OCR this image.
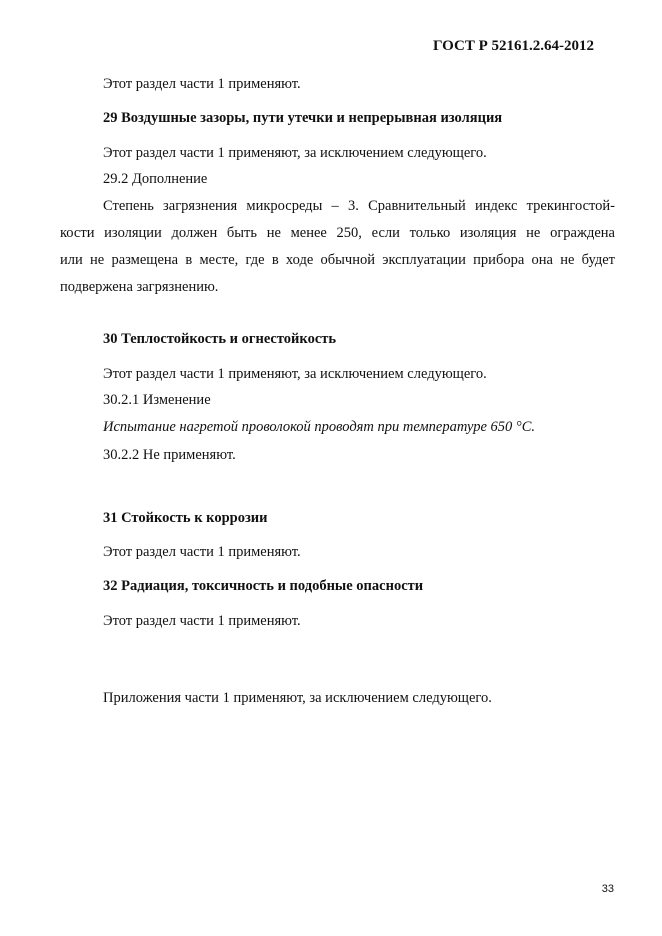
ГОСТ Р 52161.2.64-2012
Этот раздел части 1 применяют.
29 Воздушные зазоры, пути утечки и непрерывная изоляция
Этот раздел части 1 применяют, за исключением следующего.
29.2 Дополнение
Степень загрязнения микросреды – 3. Сравнительный индекс трекингостой-
кости изоляции должен быть не менее 250, если только изоляция не ограждена
или не размещена в месте, где в ходе обычной эксплуатации прибора она не будет
подвержена загрязнению.
30 Теплостойкость и огнестойкость
Этот раздел части 1 применяют, за исключением следующего.
30.2.1 Изменение
Испытание нагретой проволокой проводят при температуре 650 °С.
30.2.2 Не применяют.
31 Стойкость к коррозии
Этот раздел части 1 применяют.
32 Радиация, токсичность и подобные опасности
Этот раздел части 1 применяют.
Приложения части 1 применяют, за исключением следующего.
33
